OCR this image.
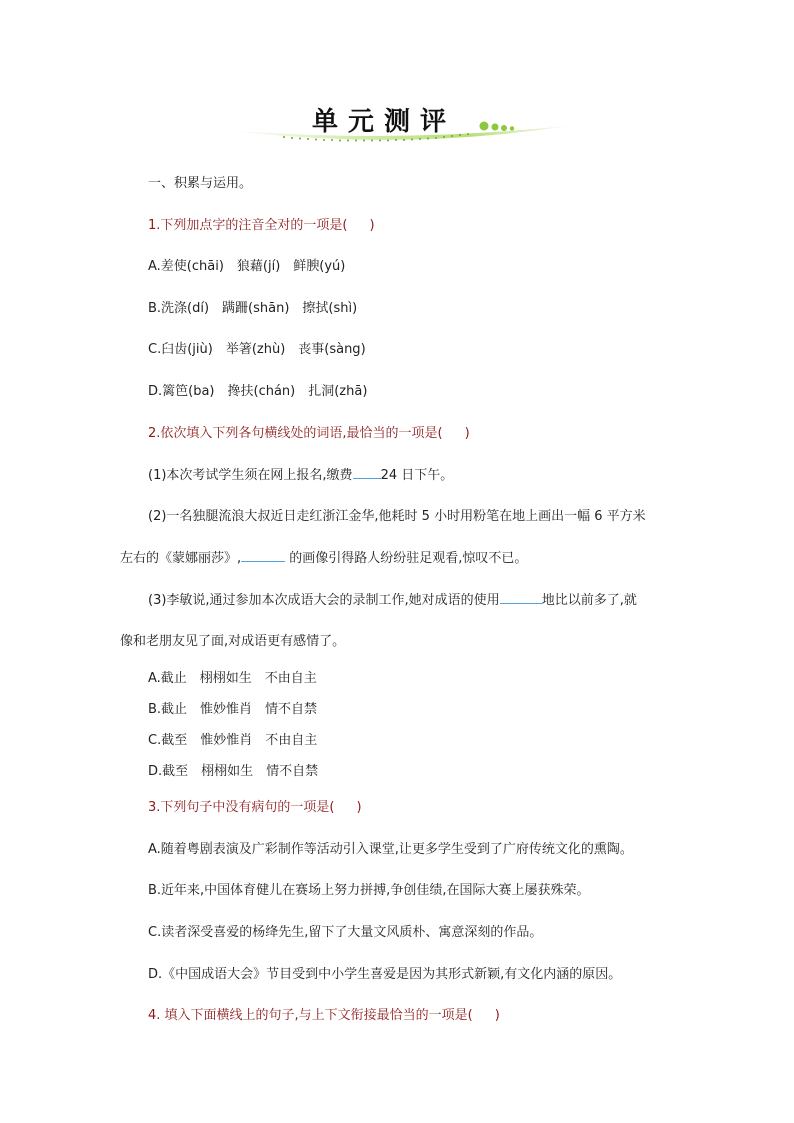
单元测评
一、积累与运用。
1.下列加点字的注音全对的一项是( )
A.差使(chāi)　狼藉(jí)　鲜腴(yú)
B.洗涤(dí)　蹒跚(shān)　擦拭(shì)
C.臼齿(jiù)　举箸(zhù)　丧事(sàng)
D.篱笆(ba)　搀扶(chán)　扎洞(zhā)
2.依次填入下列各句横线处的词语,最恰当的一项是( )
(1)本次考试学生须在网上报名,缴费 24 日下午。
(2)一名独腿流浪大叔近日走红浙江金华,他耗时 5 小时用粉笔在地上画出一幅 6 平方米
左右的《蒙娜丽莎》,	的画像引得路人纷纷驻足观看,惊叹不已。
(3)李敏说,通过参加本次成语大会的录制工作,她对成语的使用	地比以前多了,就
像和老朋友见了面,对成语更有感情了。
A.截止　栩栩如生　不由自主
B.截止　惟妙惟肖　情不自禁
C.截至　惟妙惟肖　不由自主
D.截至　栩栩如生　情不自禁
3.下列句子中没有病句的一项是( )
A.随着粤剧表演及广彩制作等活动引入课堂,让更多学生受到了广府传统文化的熏陶。
B.近年来,中国体育健儿在赛场上努力拼搏,争创佳绩,在国际大赛上屡获殊荣。
C.读者深受喜爱的杨绛先生,留下了大量文风质朴、寓意深刻的作品。
D.《中国成语大会》节目受到中小学生喜爱是因为其形式新颖,有文化内涵的原因。
4. 填入下面横线上的句子,与上下文衔接最恰当的一项是( )
